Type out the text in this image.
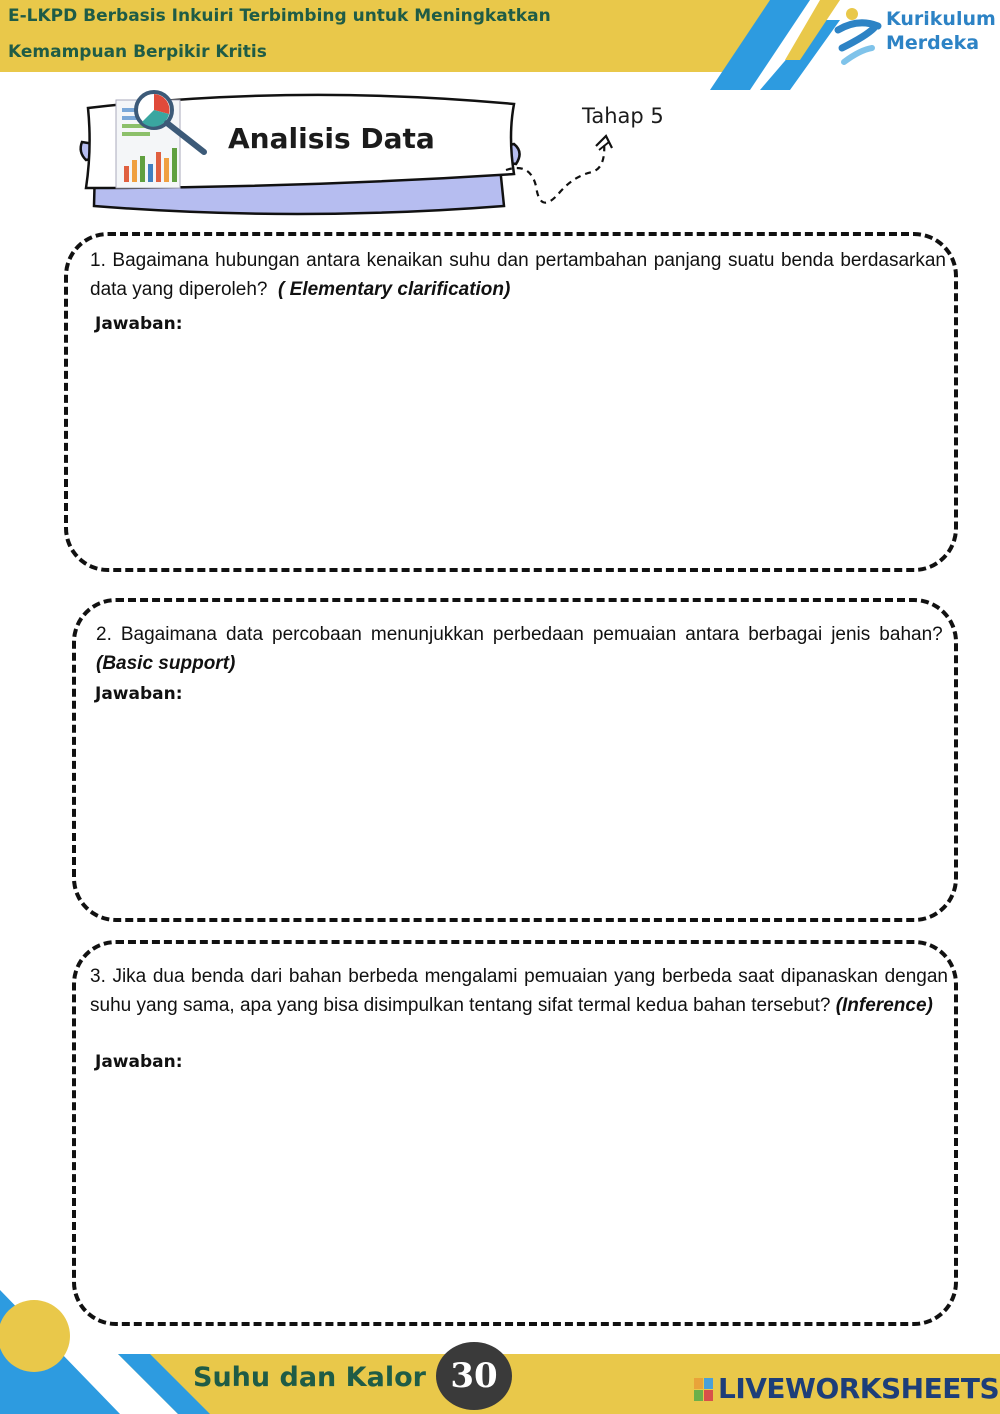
E-LKPD Berbasis Inkuiri Terbimbing untuk Meningkatkan
Kemampuan Berpikir Kritis
Kurikulum
Merdeka
Analisis Data
Tahap 5
1. Bagaimana hubungan antara kenaikan suhu dan pertambahan panjang suatu benda berdasarkan data yang diperoleh? ( Elementary clarification)
Jawaban:
2. Bagaimana data percobaan menunjukkan perbedaan pemuaian antara berbagai jenis bahan?  (Basic support)
Jawaban:
3. Jika dua benda dari bahan berbeda mengalami pemuaian yang berbeda saat dipanaskan dengan suhu yang sama, apa yang bisa disimpulkan tentang sifat termal kedua bahan tersebut? (Inference)
Jawaban:
Suhu dan Kalor 30	LIVEWORKSHEETS
